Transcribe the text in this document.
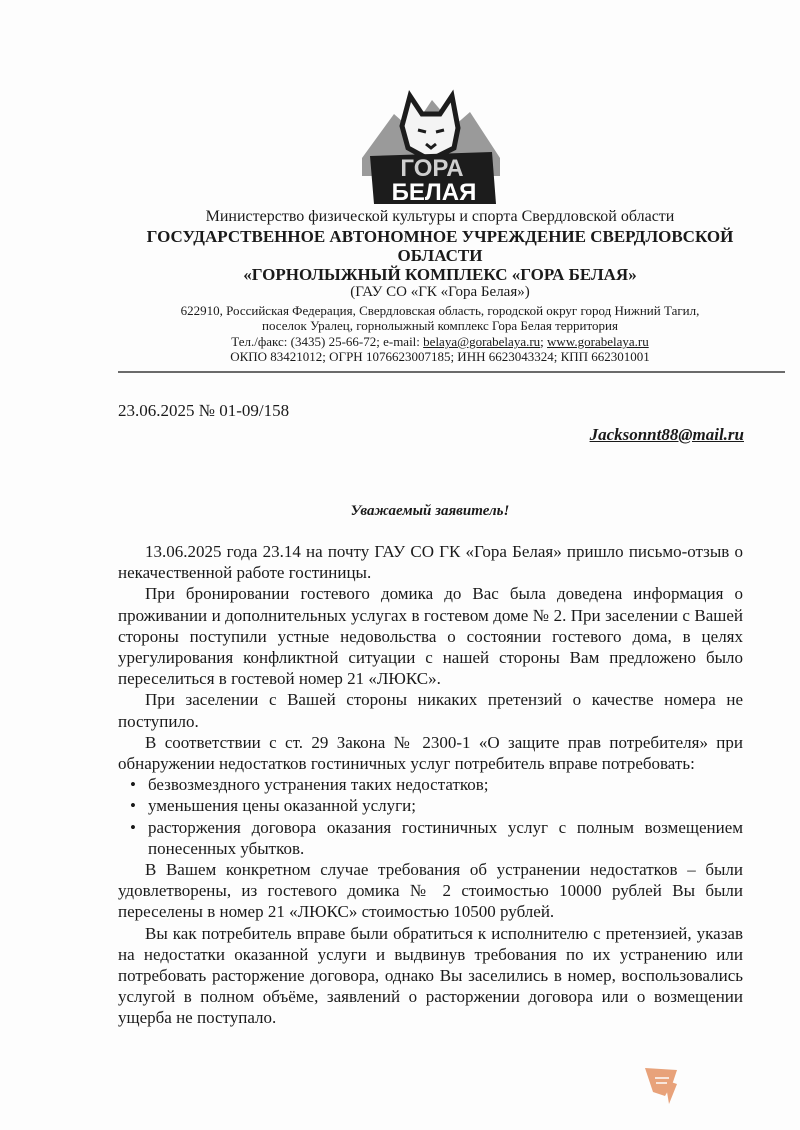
ГОРА
БЕЛАЯ
Министерство физической культуры и спорта Свердловской области
ГОСУДАРСТВЕННОЕ АВТОНОМНОЕ УЧРЕЖДЕНИЕ СВЕРДЛОВСКОЙ
ОБЛАСТИ
«ГОРНОЛЫЖНЫЙ КОМПЛЕКС «ГОРА БЕЛАЯ»
(ГАУ СО «ГК «Гора Белая»)
622910, Российская Федерация, Свердловская область, городской округ город Нижний Тагил,
поселок Уралец, горнолыжный комплекс Гора Белая территория
Тел./факс: (3435) 25-66-72; e-mail: belaya@gorabelaya.ru; www.gorabelaya.ru
ОКПО 83421012; ОГРН 1076623007185; ИНН 6623043324; КПП 662301001
23.06.2025 № 01-09/158
Jacksonnt88@mail.ru
Уважаемый заявитель!

13.06.2025 года 23.14 на почту ГАУ СО ГК «Гора Белая» пришло письмо-отзыв о некачественной работе гостиницы.

При бронировании гостевого домика до Вас была доведена информация о проживании и дополнительных услугах в гостевом доме № 2. При заселении с Вашей стороны поступили устные недовольства о состоянии гостевого дома, в целях урегулирования конфликтной ситуации с нашей стороны Вам предложено было переселиться в гостевой номер 21 «ЛЮКС».

При заселении с Вашей стороны никаких претензий о качестве номера не поступило.

В соответствии с ст. 29 Закона № 2300-1 «О защите прав потребителя» при обнаружении недостатков гостиничных услуг потребитель вправе потребовать:

• безвозмездного устранения таких недостатков;
• уменьшения цены оказанной услуги;
• расторжения договора оказания гостиничных услуг с полным возмещением понесенных убытков.

В Вашем конкретном случае требования об устранении недостатков – были удовлетворены, из гостевого домика № 2 стоимостью 10000 рублей Вы были переселены в номер 21 «ЛЮКС» стоимостью 10500 рублей.

Вы как потребитель вправе были обратиться к исполнителю с претензией, указав на недостатки оказанной услуги и выдвинув требования по их устранению или потребовать расторжение договора, однако Вы заселились в номер, воспользовались услугой в полном объёме, заявлений о расторжении договора или о возмещении ущерба не поступало.
